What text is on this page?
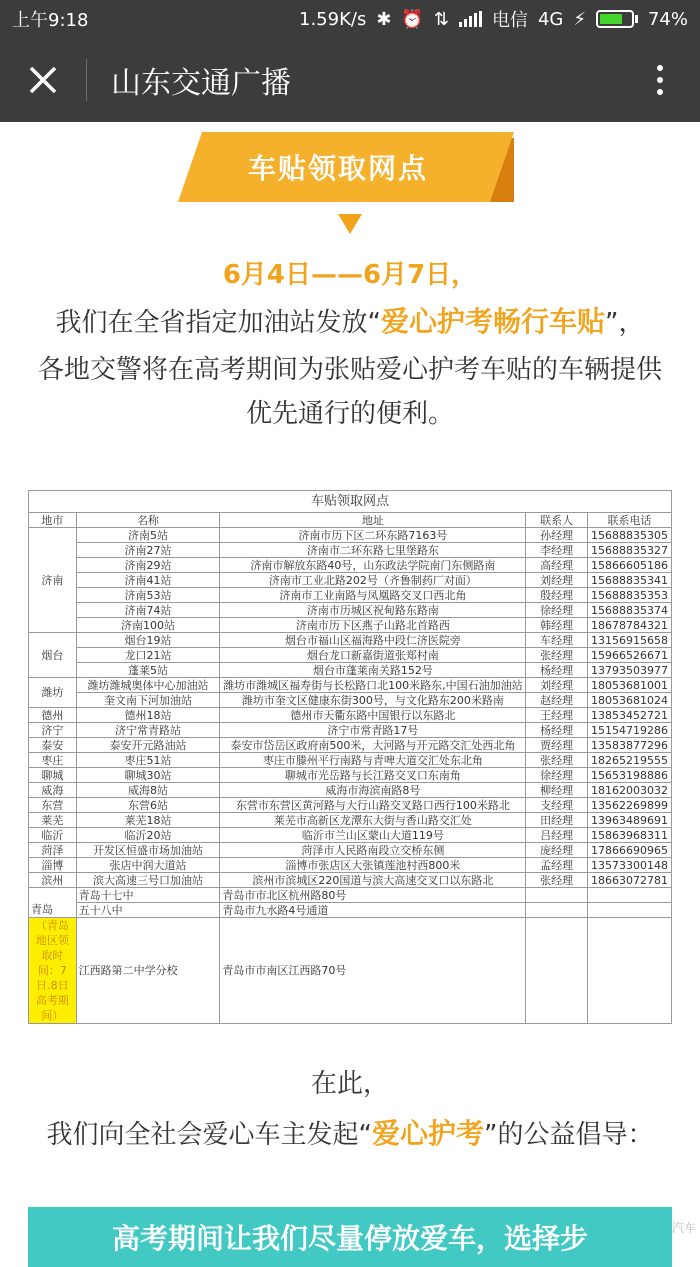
上午9:18	1.59K/s ✱ ⏰ ⇅ 电信 4G ⚡	74%
山东交通广播
车贴领取网点
6月4日——6月7日，
我们在全省指定加油站发放“爱心护考畅行车贴”，
各地交警将在高考期间为张贴爱心护考车贴的车辆提供优先通行的便利。
车贴领取网点
地市	名称	地址	联系人	联系电话
济南	济南5站	济南市历下区二环东路7163号	孙经理	15688835305
	济南27站	济南市二环东路七里堡路东	李经理	15688835327
	济南29站	济南市解放东路40号，山东政法学院南门东侧路南	高经理	15866605186
	济南41站	济南市工业北路202号（齐鲁制药厂对面）	刘经理	15688835341
	济南53站	济南市工业南路与凤凰路交叉口西北角	殷经理	15688835353
	济南74站	济南市历城区祝甸路东路南	徐经理	15688835374
	济南100站	济南市历下区燕子山路北首路西	韩经理	18678784321
烟台	烟台19站	烟台市福山区福海路中段仁济医院旁	车经理	13156915658
	龙口21站	烟台龙口新嘉街道张郑村南	张经理	15966526671
	蓬莱5站	烟台市蓬莱南关路152号	杨经理	13793503977
潍坊	潍坊潍城奥体中心加油站	潍坊市潍城区福寿街与长松路口北100米路东,中国石油加油站	刘经理	18053681001
	奎文南下河加油站	潍坊市奎文区健康东街300号，与文化路东200米路南	赵经理	18053681024
德州	德州18站	德州市天衢东路中国银行以东路北	王经理	13853452721
济宁	济宁常青路站	济宁市常青路17号	杨经理	15154719286
泰安	泰安开元路油站	泰安市岱岳区政府南500米，大河路与开元路交汇处西北角	贾经理	13583877296
枣庄	枣庄51站	枣庄市滕州平行南路与青啤大道交汇处东北角	张经理	18265219555
聊城	聊城30站	聊城市光岳路与长江路交叉口东南角	徐经理	15653198886
威海	威海8站	威海市海滨南路8号	柳经理	18162003032
东营	东营6站	东营市东营区黄河路与大行山路交叉路口西行100米路北	支经理	13562269899
莱芜	莱芜18站	莱芜市高新区龙潭东大街与香山路交汇处	田经理	13963489691
临沂	临沂20站	临沂市兰山区蒙山大道119号	吕经理	15863968311
菏泽	开发区恒盛市场加油站	菏泽市人民路南段立交桥东侧	庞经理	17866690965
淄博	张店中润大道站	淄博市张店区大张镇莲池村西800米	孟经理	13573300148
滨州	滨大高速三号口加油站	滨州市滨城区220国道与滨大高速交叉口以东路北	张经理	18663072781
	青岛十七中	青岛市市北区杭州路80号		
青岛	五十八中	青岛市九水路4号通道		
（青岛地区领取时间：7日.8日高考期间）	江西路第二中学分校	青岛市市南区江西路70号		
在此，
我们向全社会爱心车主发起“爱心护考”的公益倡导：
高考期间让我们尽量停放爱车，选择步	汽车
